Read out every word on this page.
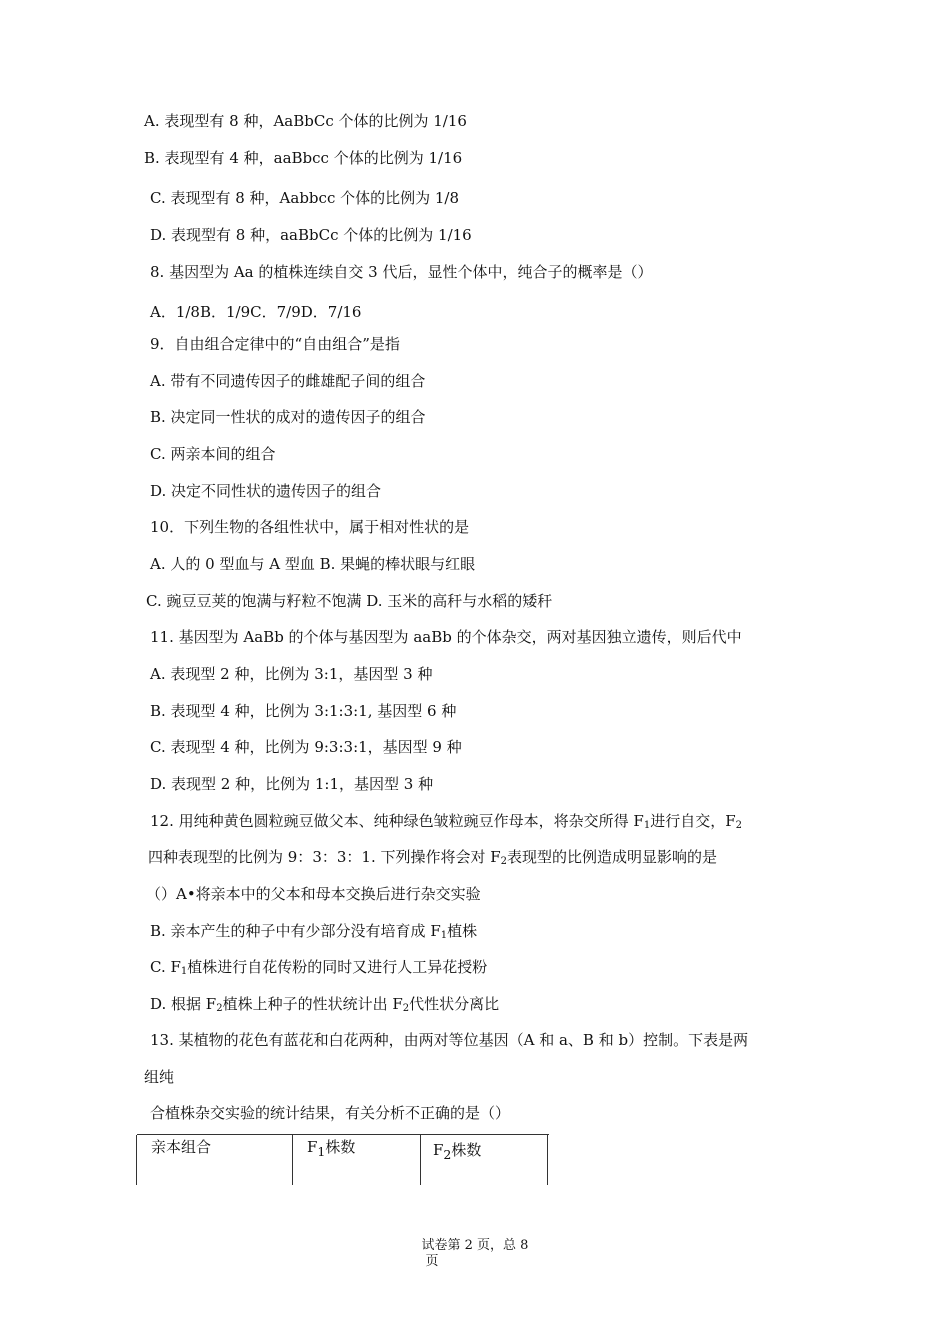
A. 表现型有 8 种，AaBbCc 个体的比例为 1/16
B. 表现型有 4 种，aaBbcc 个体的比例为 1/16
C. 表现型有 8 种，Aabbcc 个体的比例为 1/8
D. 表现型有 8 种，aaBbCc 个体的比例为 1/16
8. 基因型为 Aa 的植株连续自交 3 代后，显性个体中，纯合子的概率是（）
A．1/8B．1/9C．7/9D．7/16
9．自由组合定律中的“自由组合”是指
A. 带有不同遗传因子的雌雄配子间的组合
B. 决定同一性状的成对的遗传因子的组合
C. 两亲本间的组合
D. 决定不同性状的遗传因子的组合
10．下列生物的各组性状中，属于相对性状的是
A. 人的 0 型血与 A 型血 B. 果蝇的棒状眼与红眼
C. 豌豆豆荚的饱满与籽粒不饱满 D. 玉米的高秆与水稻的矮秆
11. 基因型为 AaBb 的个体与基因型为 aaBb 的个体杂交，两对基因独立遗传，则后代中
A. 表现型 2 种，比例为 3:1，基因型 3 种
B. 表现型 4 种，比例为 3:1:3:1, 基因型 6 种
C. 表现型 4 种，比例为 9:3:3:1，基因型 9 种
D. 表现型 2 种，比例为 1:1，基因型 3 种
12. 用纯种黄色圆粒豌豆做父本、纯种绿色皱粒豌豆作母本，将杂交所得 $F_1$进行自交，$F_2$
四种表现型的比例为 9：3：3：1. 下列操作将会对 $F_2$表现型的比例造成明显影响的是
（）A•将亲本中的父本和母本交换后进行杂交实验
B. 亲本产生的种子中有少部分没有培育成 $F_1$植株
C. $F_1$植株进行自花传粉的同时又进行人工异花授粉
D. 根据 $F_2$植株上种子的性状统计出 $F_2$代性状分离比
13. 某植物的花色有蓝花和白花两种，由两对等位基因（A 和 a、B 和 b）控制。下表是两
组纯
合植株杂交实验的统计结果，有关分析不正确的是（）
亲本组合	$F_1$株数	$F_2$株数
试卷第 2 页，总 8
页
